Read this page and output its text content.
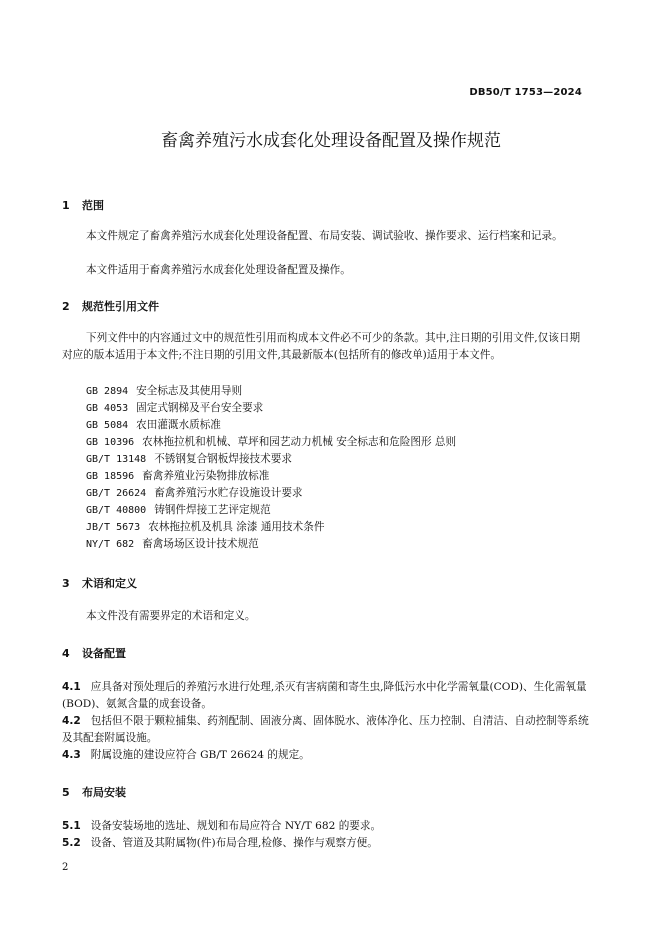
DB50/T 1753—2024
畜禽养殖污水成套化处理设备配置及操作规范
1 范围
本文件规定了畜禽养殖污水成套化处理设备配置、布局安装、调试验收、操作要求、运行档案和记录。
本文件适用于畜禽养殖污水成套化处理设备配置及操作。
2 规范性引用文件
下列文件中的内容通过文中的规范性引用而构成本文件必不可少的条款。其中,注日期的引用文件,仅该日期对应的版本适用于本文件;不注日期的引用文件,其最新版本(包括所有的修改单)适用于本文件。
GB 2894 安全标志及其使用导则
GB 4053 固定式钢梯及平台安全要求
GB 5084 农田灌溉水质标准
GB 10396 农林拖拉机和机械、草坪和园艺动力机械 安全标志和危险图形 总则
GB/T 13148 不锈钢复合钢板焊接技术要求
GB 18596 畜禽养殖业污染物排放标准
GB/T 26624 畜禽养殖污水贮存设施设计要求
GB/T 40800 铸钢件焊接工艺评定规范
JB/T 5673 农林拖拉机及机具 涂漆 通用技术条件
NY/T 682 畜禽场场区设计技术规范
3 术语和定义
本文件没有需要界定的术语和定义。
4 设备配置
4.1 应具备对预处理后的养殖污水进行处理,杀灭有害病菌和寄生虫,降低污水中化学需氧量(COD)、生化需氧量(BOD)、氨氮含量的成套设备。
4.2 包括但不限于颗粒捕集、药剂配制、固液分离、固体脱水、液体净化、压力控制、自清洁、自动控制等系统及其配套附属设施。
4.3 附属设施的建设应符合 GB/T 26624 的规定。
5 布局安装
5.1 设备安装场地的选址、规划和布局应符合 NY/T 682 的要求。
5.2 设备、管道及其附属物(件)布局合理,检修、操作与观察方便。
2
